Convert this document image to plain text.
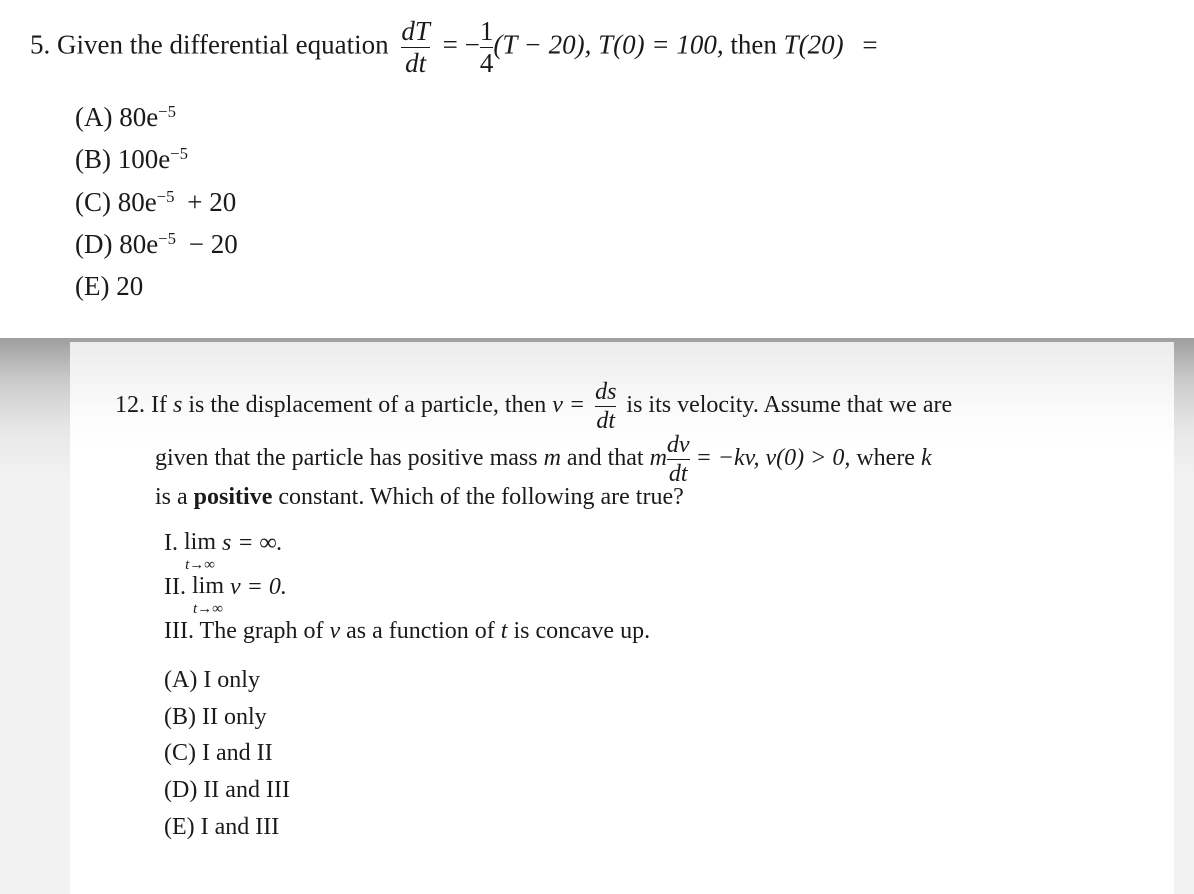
5. Given the differential equation $\frac{dT}{dt}$ = − $\frac{1}{4} (T - 20)$, T(0) = 100, then T(20) =
(A) $80e^{-5}$
(B) $100e^{-5}$
(C) $80e^{-5} + 20$
(D) $80e^{-5} - 20$
(E) 20
12. If s is the displacement of a particle, then $v = \frac{ds}{dt}$ is its velocity. Assume that we are
given that the particle has positive mass m and that m $\frac{dv}{dt} = -kv$, v(0) > 0, where k
is a positive constant. Which of the following are true?
I. lim
t→∞
s = ∞.
II. lim
t→∞
v = 0.
III. The graph of v as a function of t is concave up.
(A) I only
(B) II only
(C) I and II
(D) II and III
(E) I and III
